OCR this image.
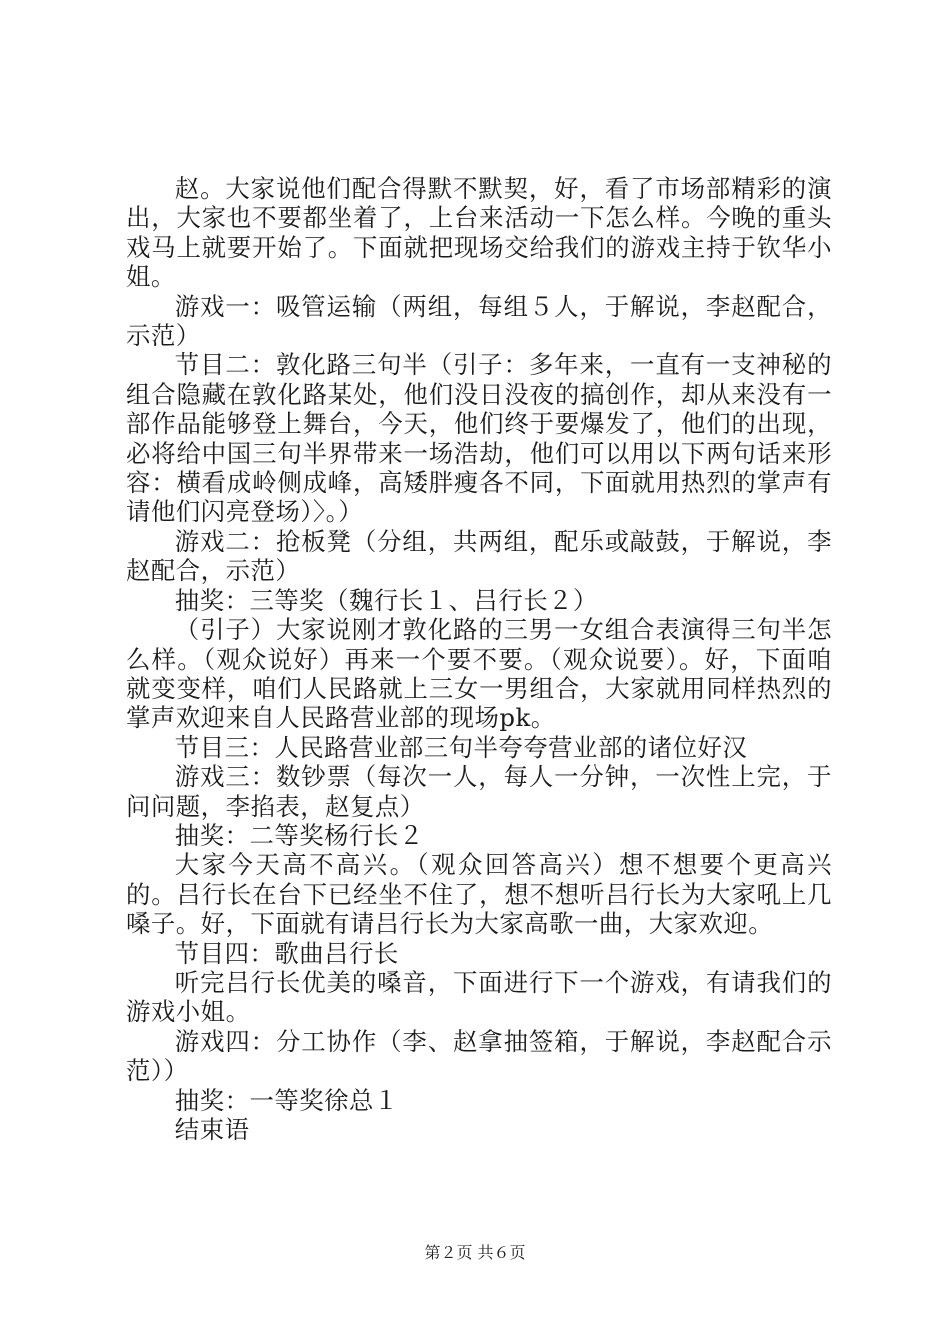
赵。大家说他们配合得默不默契，好，看了市场部精彩的演出，大家也不要都坐着了，上台来活动一下怎么样。今晚的重头戏马上就要开始了。下面就把现场交给我们的游戏主持于钦华小姐。

游戏一：吸管运输（两组，每组５人，于解说，李赵配合，示范）

节目二：敦化路三句半（引子：多年来，一直有一支神秘的组合隐藏在敦化路某处，他们没日没夜的搞创作，却从来没有一部作品能够登上舞台，今天，他们终于要爆发了，他们的出现，必将给中国三句半界带来一场浩劫，他们可以用以下两句话来形容：横看成岭侧成峰，高矮胖瘦各不同，下面就用热烈的掌声有请他们闪亮登场）〉。）

游戏二：抢板凳（分组，共两组，配乐或敲鼓，于解说，李赵配合，示范）

抽奖：三等奖（魏行长１、吕行长２）

（引子）大家说刚才敦化路的三男一女组合表演得三句半怎么样。（观众说好）再来一个要不要。（观众说要）。好，下面咱就变变样，咱们人民路就上三女一男组合，大家就用同样热烈的掌声欢迎来自人民路营业部的现场pk。

节目三：人民路营业部三句半夸夸营业部的诸位好汉

游戏三：数钞票（每次一人，每人一分钟，一次性上完，于问问题，李掐表，赵复点）

抽奖：二等奖杨行长２

大家今天高不高兴。（观众回答高兴）想不想要个更高兴的。吕行长在台下已经坐不住了，想不想听吕行长为大家吼上几嗓子。好，下面就有请吕行长为大家高歌一曲，大家欢迎。

节目四：歌曲吕行长

听完吕行长优美的嗓音，下面进行下一个游戏，有请我们的游戏小姐。

游戏四：分工协作（李、赵拿抽签箱，于解说，李赵配合示范））

抽奖：一等奖徐总１

结束语

第２页 共６页
